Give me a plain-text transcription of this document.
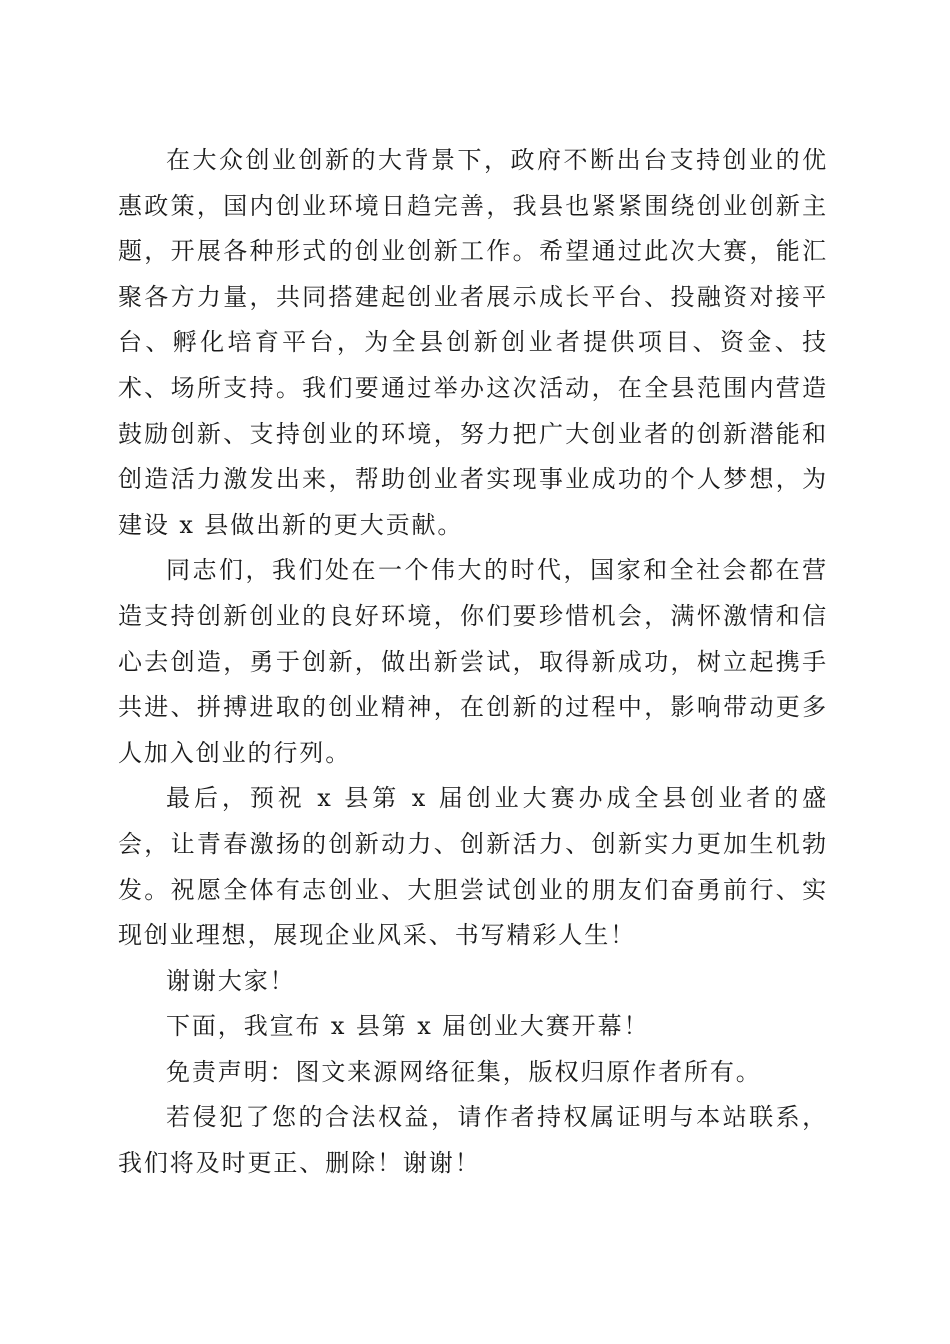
在大众创业创新的大背景下，政府不断出台支持创业的优惠政策，国内创业环境日趋完善，我县也紧紧围绕创业创新主题，开展各种形式的创业创新工作。希望通过此次大赛，能汇聚各方力量，共同搭建起创业者展示成长平台、投融资对接平台、孵化培育平台，为全县创新创业者提供项目、资金、技术、场所支持。我们要通过举办这次活动，在全县范围内营造鼓励创新、支持创业的环境，努力把广大创业者的创新潜能和创造活力激发出来，帮助创业者实现事业成功的个人梦想，为建设 x 县做出新的更大贡献。

同志们，我们处在一个伟大的时代，国家和全社会都在营造支持创新创业的良好环境，你们要珍惜机会，满怀激情和信心去创造，勇于创新，做出新尝试，取得新成功，树立起携手共进、拼搏进取的创业精神，在创新的过程中，影响带动更多人加入创业的行列。

最后，预祝 x 县第 x 届创业大赛办成全县创业者的盛会，让青春激扬的创新动力、创新活力、创新实力更加生机勃发。祝愿全体有志创业、大胆尝试创业的朋友们奋勇前行、实现创业理想，展现企业风采、书写精彩人生！

谢谢大家！

下面，我宣布 x 县第 x 届创业大赛开幕！

免责声明：图文来源网络征集，版权归原作者所有。

若侵犯了您的合法权益，请作者持权属证明与本站联系，我们将及时更正、删除！谢谢！
